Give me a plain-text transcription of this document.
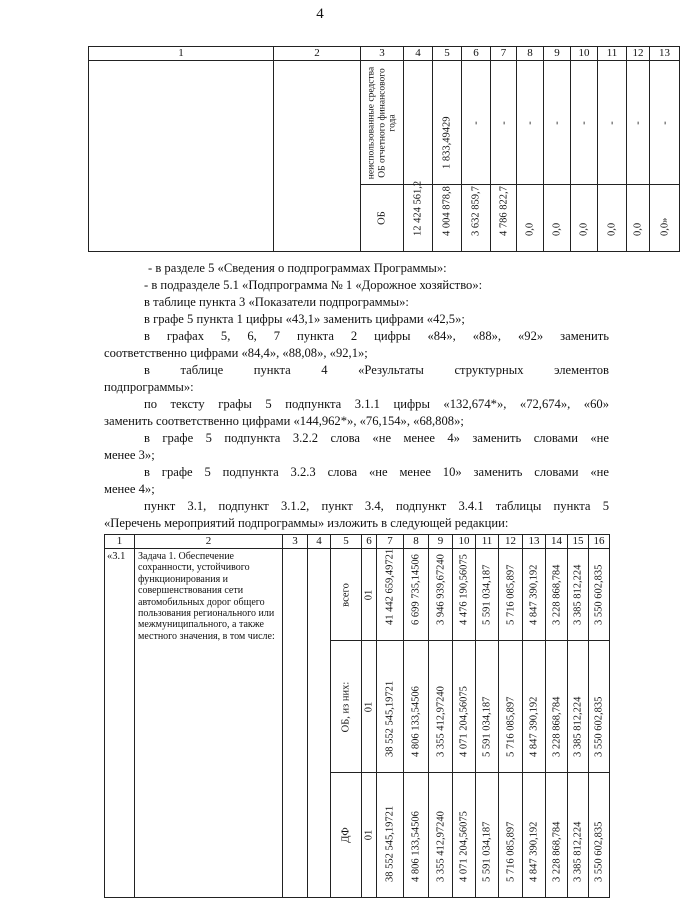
4
1	2	3	4	5	6	7	8	9	10	11	12	13

		неиспользованные средства ОБ отчетного финансового года		1 833,49429	-	-	-	-	-	-	-	-

		ОБ	12 424 561,2	4 004 878,8	3 632 859,7	4 786 822,7	0,0	0,0	0,0	0,0	0,0	0,0»
- в разделе 5 «Сведения о подпрограммах Программы»:
- в подразделе 5.1 «Подпрограмма № 1 «Дорожное хозяйство»:
в таблице пункта 3 «Показатели подпрограммы»:
в графе 5 пункта 1 цифры «43,1» заменить цифрами «42,5»;
в графах 5, 6, 7 пункта 2 цифры «84», «88», «92» заменить
соответственно цифрами «84,4», «88,08», «92,1»;
в таблице пункта 4 «Результаты структурных элементов
подпрограммы»:
по тексту графы 5 подпункта 3.1.1 цифры «132,674*», «72,674», «60»
заменить соответственно цифрами «144,962*», «76,154», «68,808»;
в графе 5 подпункта 3.2.2 слова «не менее 4» заменить словами «не
менее 3»;
в графе 5 подпункта 3.2.3 слова «не менее 10» заменить словами «не
менее 4»;
пункт 3.1, подпункт 3.1.2, пункт 3.4, подпункт 3.4.1 таблицы пункта 5
«Перечень мероприятий подпрограммы» изложить в следующей редакции:
1	2	3	4	5	6	7	8	9	10	11	12	13	14	15	16
«3.1	Задача 1. Обеспечение сохранности, устойчивого функционирования и совершенствования сети автомобильных дорог общего пользования регионального или межмуниципального, а также местного значения, в том числе:			всего	01	41 442 659,49721	6 699 735,14506	3 946 939,67240	4 476 190,56075	5 591 034,187	5 716 085,897	4 847 390,192	3 228 868,784	3 385 812,224	3 550 602,835

				ОБ, из них:	01	38 552 545,19721	4 806 133,54506	3 355 412,97240	4 071 204,56075	5 591 034,187	5 716 085,897	4 847 390,192	3 228 868,784	3 385 812,224	3 550 602,835

				ДФ	01	38 552 545,19721	4 806 133,54506	3 355 412,97240	4 071 204,56075	5 591 034,187	5 716 085,897	4 847 390,192	3 228 868,784	3 385 812,224	3 550 602,835
